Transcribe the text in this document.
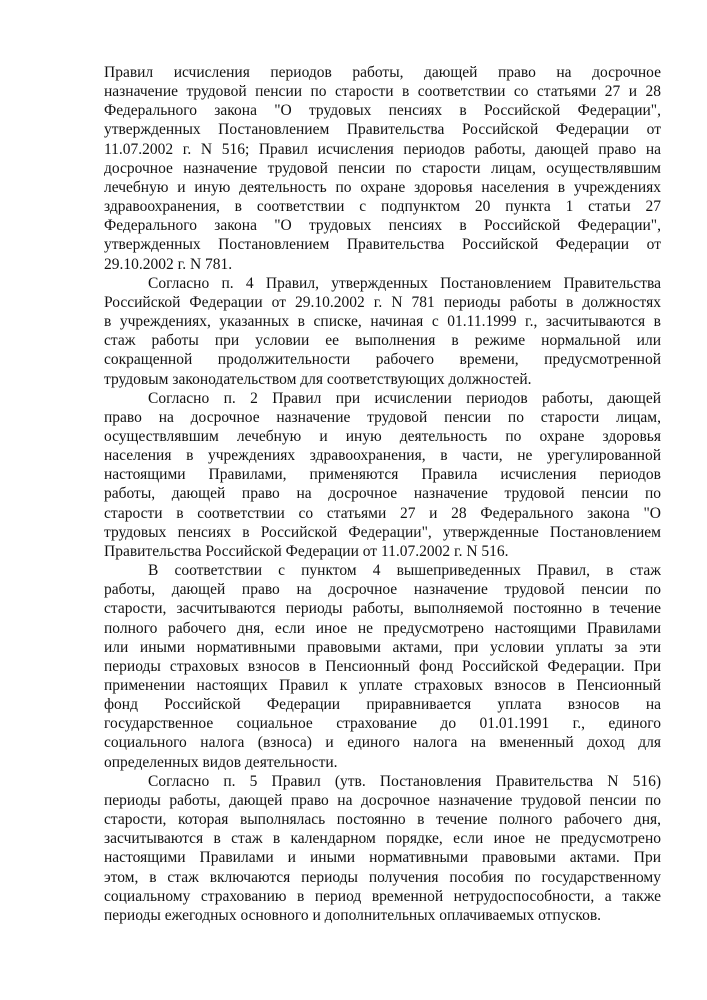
Правил исчисления периодов работы, дающей право на досрочное
назначение трудовой пенсии по старости в соответствии со статьями 27 и 28
Федерального закона "О трудовых пенсиях в Российской Федерации",
утвержденных Постановлением Правительства Российской Федерации от
11.07.2002 г. N 516; Правил исчисления периодов работы, дающей право на
досрочное назначение трудовой пенсии по старости лицам, осуществлявшим
лечебную и иную деятельность по охране здоровья населения в учреждениях
здравоохранения, в соответствии с подпунктом 20 пункта 1 статьи 27
Федерального закона "О трудовых пенсиях в Российской Федерации",
утвержденных Постановлением Правительства Российской Федерации от
29.10.2002 г. N 781.
Согласно п. 4 Правил, утвержденных Постановлением Правительства
Российской Федерации от 29.10.2002 г. N 781 периоды работы в должностях
в учреждениях, указанных в списке, начиная с 01.11.1999 г., засчитываются в
стаж работы при условии ее выполнения в режиме нормальной или
сокращенной продолжительности рабочего времени, предусмотренной
трудовым законодательством для соответствующих должностей.
Согласно п. 2 Правил при исчислении периодов работы, дающей
право на досрочное назначение трудовой пенсии по старости лицам,
осуществлявшим лечебную и иную деятельность по охране здоровья
населения в учреждениях здравоохранения, в части, не урегулированной
настоящими Правилами, применяются Правила исчисления периодов
работы, дающей право на досрочное назначение трудовой пенсии по
старости в соответствии со статьями 27 и 28 Федерального закона "О
трудовых пенсиях в Российской Федерации", утвержденные Постановлением
Правительства Российской Федерации от 11.07.2002 г. N 516.
В соответствии с пунктом 4 вышеприведенных Правил, в стаж
работы, дающей право на досрочное назначение трудовой пенсии по
старости, засчитываются периоды работы, выполняемой постоянно в течение
полного рабочего дня, если иное не предусмотрено настоящими Правилами
или иными нормативными правовыми актами, при условии уплаты за эти
периоды страховых взносов в Пенсионный фонд Российской Федерации. При
применении настоящих Правил к уплате страховых взносов в Пенсионный
фонд Российской Федерации приравнивается уплата взносов на
государственное социальное страхование до 01.01.1991 г., единого
социального налога (взноса) и единого налога на вмененный доход для
определенных видов деятельности.
Согласно п. 5 Правил (утв. Постановления Правительства N 516)
периоды работы, дающей право на досрочное назначение трудовой пенсии по
старости, которая выполнялась постоянно в течение полного рабочего дня,
засчитываются в стаж в календарном порядке, если иное не предусмотрено
настоящими Правилами и иными нормативными правовыми актами. При
этом, в стаж включаются периоды получения пособия по государственному
социальному страхованию в период временной нетрудоспособности, а также
периоды ежегодных основного и дополнительных оплачиваемых отпусков.
